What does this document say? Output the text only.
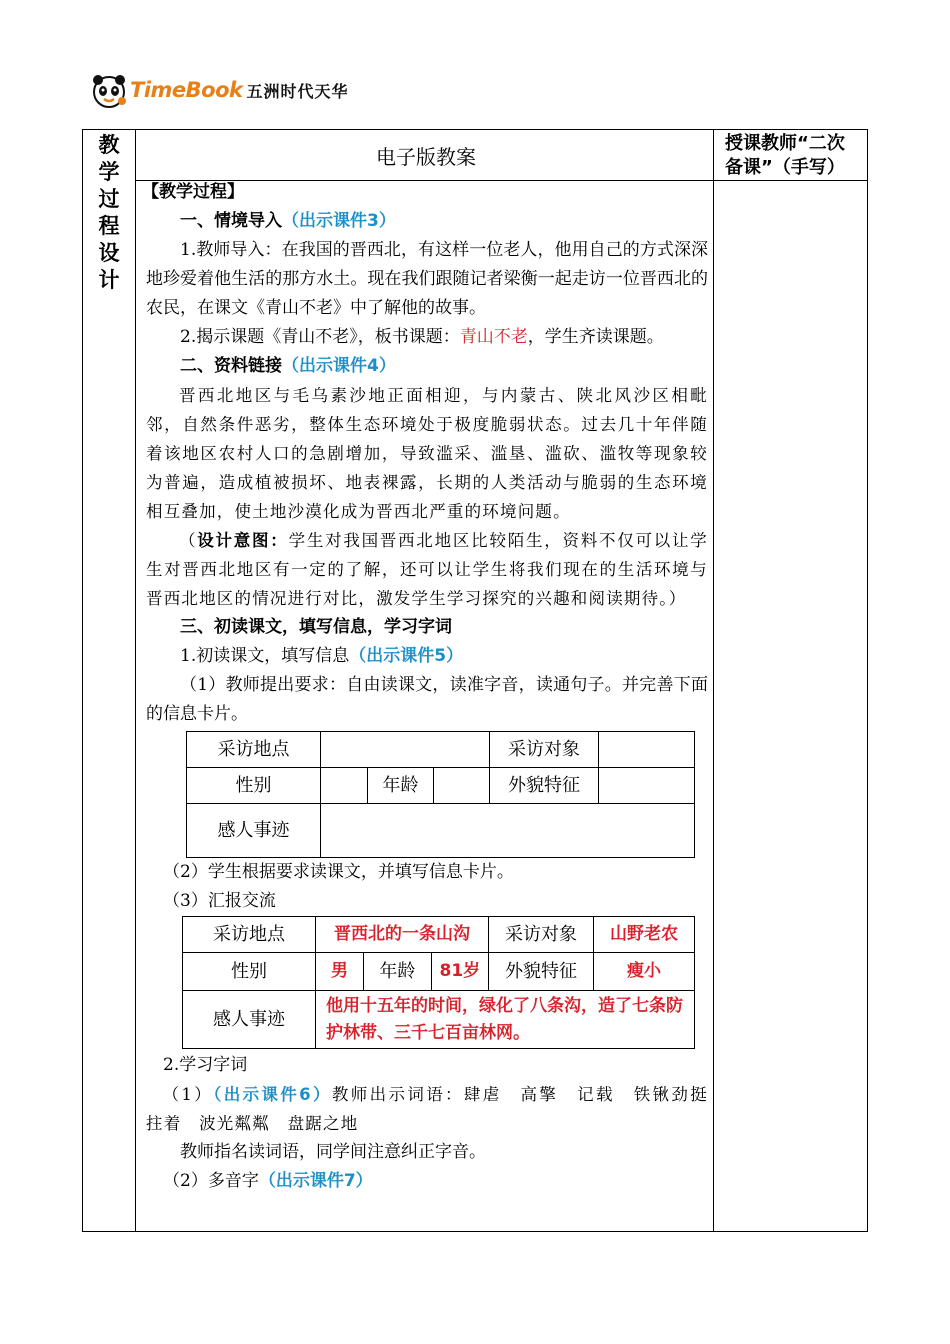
TimeBook 五洲时代天华
教
学
过
程
设
计
电子版教案
授课教师“二次
备课”（手写）

【教学过程】

一、情境导入（出示课件3）

1.教师导入：在我国的晋西北，有这样一位老人，他用自己的方式深深地珍爱着他生活的那方水土。现在我们跟随记者梁衡一起走访一位晋西北的农民，在课文《青山不老》中了解他的故事。

2.揭示课题《青山不老》，板书课题：青山不老，学生齐读课题。

二、资料链接（出示课件4）

晋西北地区与毛乌素沙地正面相迎，与内蒙古、陕北风沙区相毗邻，自然条件恶劣，整体生态环境处于极度脆弱状态。过去几十年伴随着该地区农村人口的急剧增加，导致滥采、滥垦、滥砍、滥牧等现象较为普遍，造成植被损坏、地表裸露，长期的人类活动与脆弱的生态环境相互叠加，使土地沙漠化成为晋西北严重的环境问题。

（设计意图：学生对我国晋西北地区比较陌生，资料不仅可以让学生对晋西北地区有一定的了解，还可以让学生将我们现在的生活环境与晋西北地区的情况进行对比，激发学生学习探究的兴趣和阅读期待。）

三、初读课文，填写信息，学习字词

1.初读课文，填写信息（出示课件5）

（1）教师提出要求：自由读课文，读准字音，读通句子。并完善下面的信息卡片。

采访地点				采访对象	
性别		年龄		外貌特征	
感人事迹					

（2）学生根据要求读课文，并填写信息卡片。

（3）汇报交流

采访地点	晋西北的一条山沟			采访对象	山野老农
性别	男	年龄	81岁	外貌特征	瘦小
感人事迹	他用十五年的时间，绿化了八条沟，造了七条防护林带、三千七百亩林网。				

2.学习字词

（1）（出示课件6）教师出示词语：肆虐　高擎　记载　铁锹劲挺　拄着　波光粼粼　盘踞之地

教师指名读词语，同学间注意纠正字音。

（2）多音字（出示课件7）
